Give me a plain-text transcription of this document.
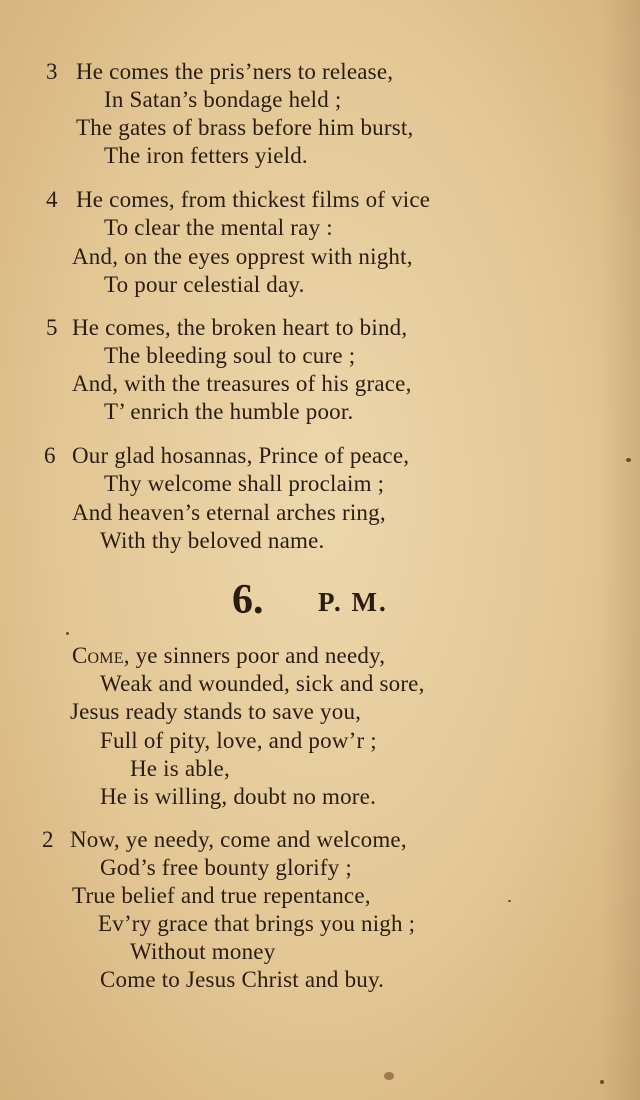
3 He comes the pris’ners to release,
In Satan’s bondage held ;
The gates of brass before him burst,
The iron fetters yield.
4 He comes, from thickest films of vice
To clear the mental ray :
And, on the eyes opprest with night,
To pour celestial day.
5 He comes, the broken heart to bind,
The bleeding soul to cure ;
And, with the treasures of his grace,
T’ enrich the humble poor.
6 Our glad hosannas, Prince of peace,
Thy welcome shall proclaim ;
And heaven’s eternal arches ring,
With thy beloved name.
6. P. M.
Come, ye sinners poor and needy,
Weak and wounded, sick and sore,
Jesus ready stands to save you,
Full of pity, love, and pow’r ;
He is able,
He is willing, doubt no more.
2 Now, ye needy, come and welcome,
God’s free bounty glorify ;
True belief and true repentance,
Ev’ry grace that brings you nigh ;
Without money
Come to Jesus Christ and buy.
